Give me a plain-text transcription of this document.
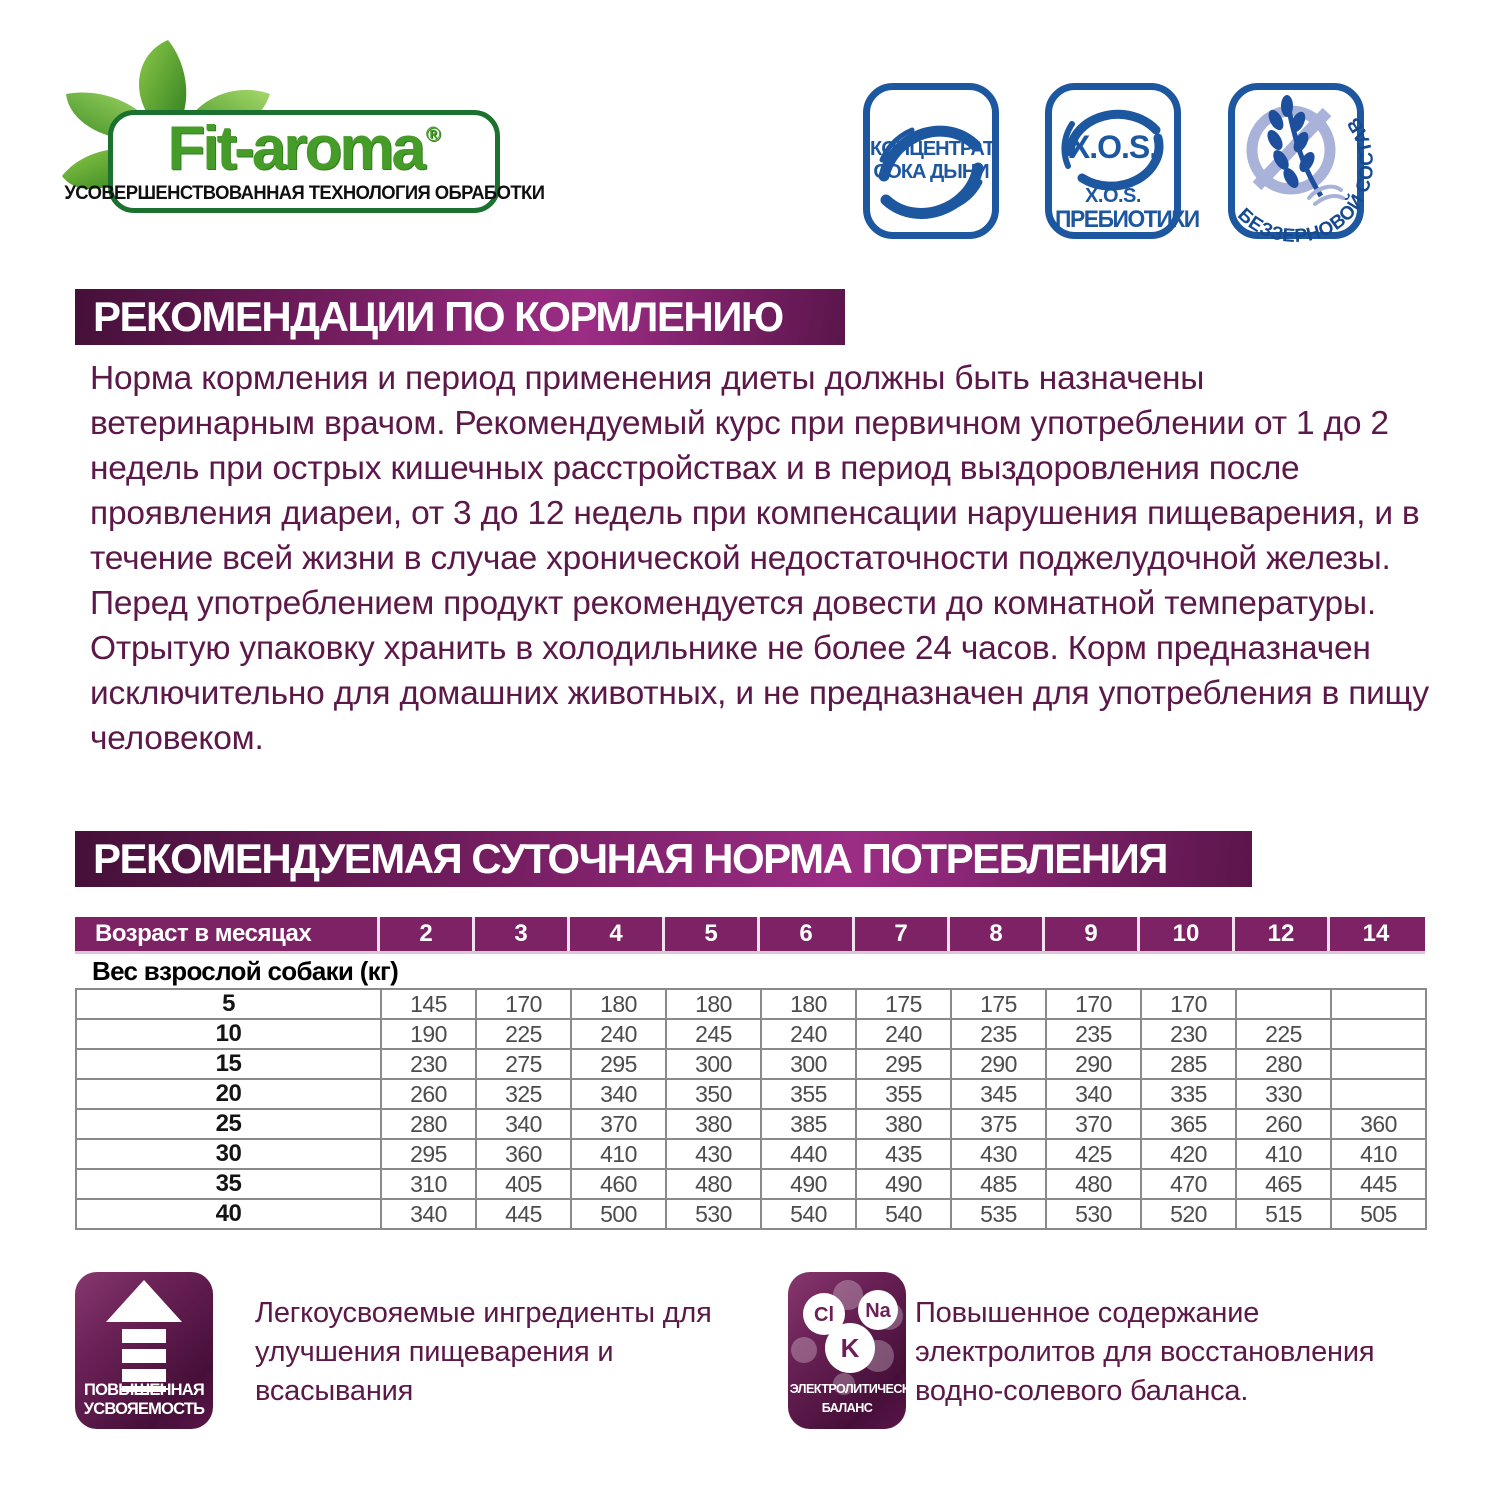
Fit-aroma ®
УСОВЕРШЕНСТВОВАННАЯ ТЕХНОЛОГИЯ ОБРАБОТКИ
КОНЦЕНТРАТ
СОКА ДЫНИ
X.O.S.
X.O.S.
ПРЕБИОТИКИ БЕЗЗЕРНОВОЙ СОСТАВ
РЕКОМЕНДАЦИИ ПО КОРМЛЕНИЮ

Норма кормления и период применения диеты должны быть назначены ветеринарным врачом. Рекомендуемый курс при первичном употреблении от 1 до 2 недель при острых кишечных расстройствах и в период выздоровления после проявления диареи, от 3 до 12 недель при компенсации нарушения пищеварения, и в течение всей жизни в случае хронической недостаточности поджелудочной железы. Перед употреблением продукт рекомендуется довести до комнатной температуры. Отрытую упаковку хранить в холодильнике не более 24 часов. Корм предназначен исключительно для домашних животных, и не предназначен для употребления в пищу человеком.

РЕКОМЕНДУЕМАЯ СУТОЧНАЯ НОРМА ПОТРЕБЛЕНИЯ
Возраст в месяцах	2	3	4	5	6	7	8	9	10	12	14
Вес взрослой собаки (кг)
5	145	170	180	180	180	175	175	170	170		
10	190	225	240	245	240	240	235	235	230	225	
15	230	275	295	300	300	295	290	290	285	280	
20	260	325	340	350	355	355	345	340	335	330	
25	280	340	370	380	385	380	375	370	365	260	360
30	295	360	410	430	440	435	430	425	420	410	410
35	310	405	460	480	490	490	485	480	470	465	445
40	340	445	500	530	540	540	535	530	520	515	505
ПОВЫШЕННАЯ
УСВОЯЕМОСТЬ

Легкоусвояемые ингредиенты для улучшения пищеварения и всасывания

Cl Na
K
ЭЛЕКТРОЛИТИЧЕСКИЙ
БАЛАНС

Повышенное содержание электролитов для восстановления водно-солевого баланса.
